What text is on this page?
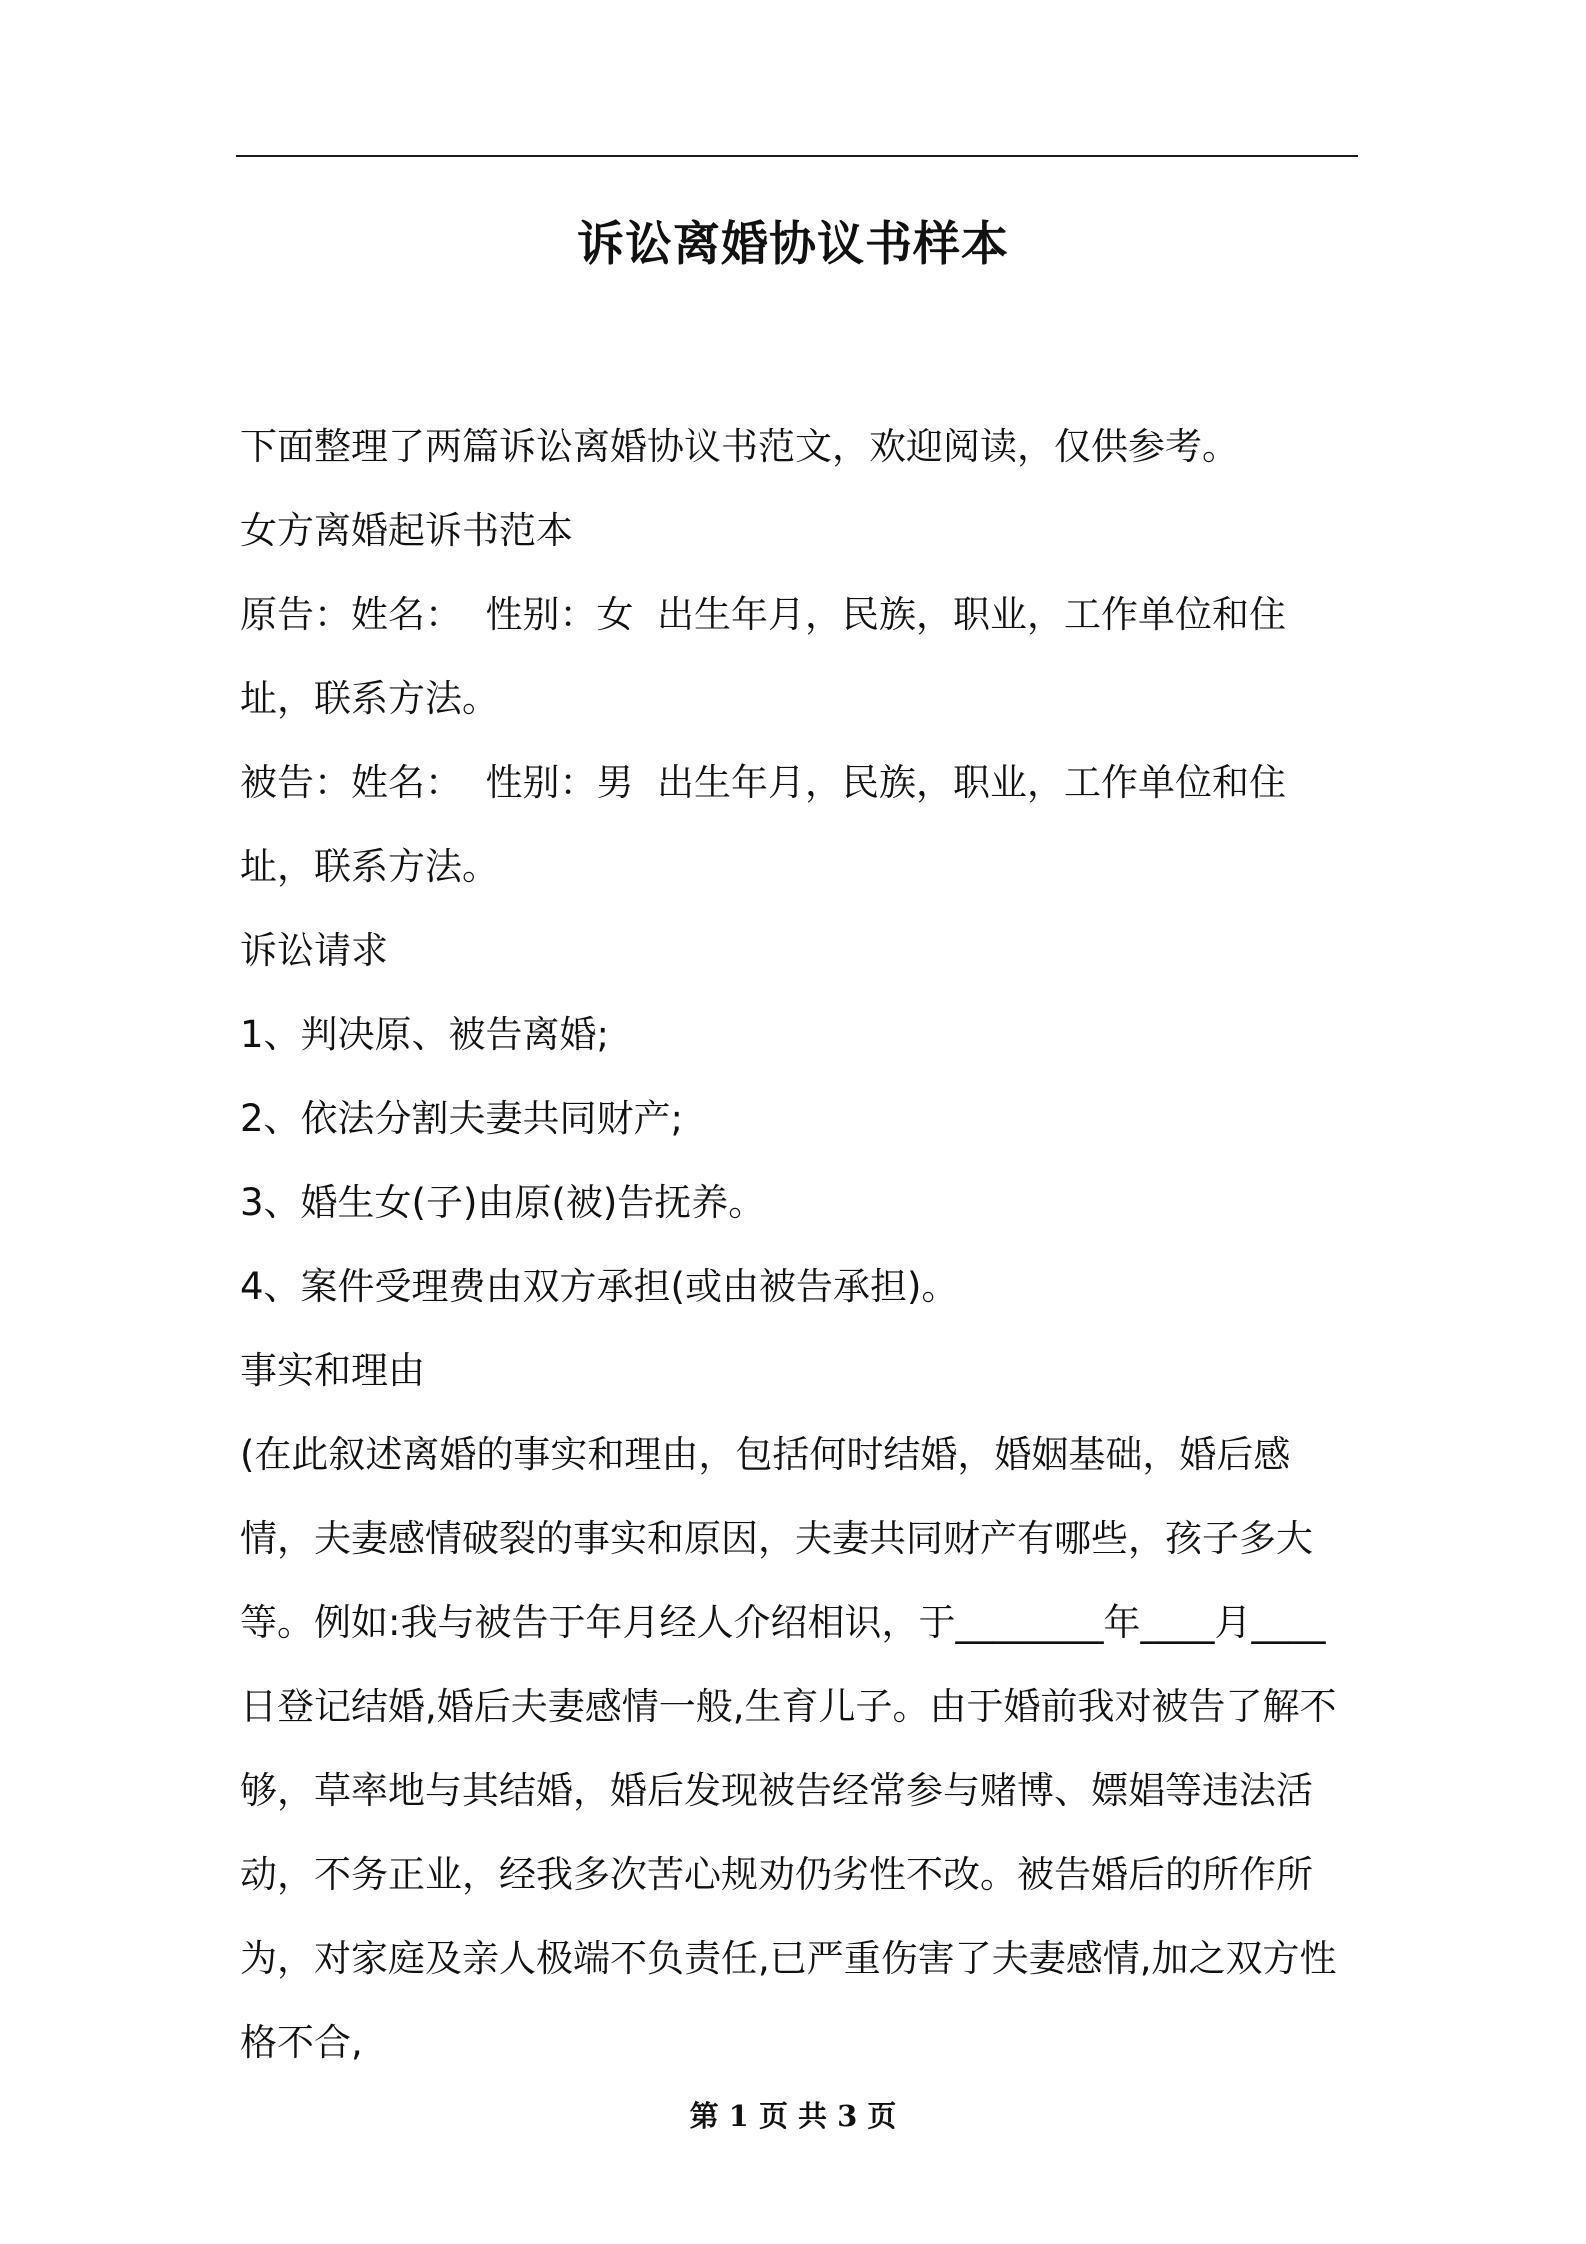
诉讼离婚协议书样本

下面整理了两篇诉讼离婚协议书范文，欢迎阅读，仅供参考。

女方离婚起诉书范本

原告：姓名：  性别：女  出生年月，民族，职业，工作单位和住址，联系方法。

被告：姓名：  性别：男  出生年月，民族，职业，工作单位和住址，联系方法。

诉讼请求

1、判决原、被告离婚;

2、依法分割夫妻共同财产;

3、婚生女(子)由原(被)告抚养。

4、案件受理费由双方承担(或由被告承担)。

事实和理由

(在此叙述离婚的事实和理由，包括何时结婚，婚姻基础，婚后感情，夫妻感情破裂的事实和原因，夫妻共同财产有哪些，孩子多大等。例如:我与被告于年月经人介绍相识，于________年____月____日登记结婚,婚后夫妻感情一般,生育儿子。由于婚前我对被告了解不够，草率地与其结婚，婚后发现被告经常参与赌博、嫖娼等违法活动，不务正业，经我多次苦心规劝仍劣性不改。被告婚后的所作所为，对家庭及亲人极端不负责任,已严重伤害了夫妻感情,加之双方性格不合,

第 1 页 共 3 页
